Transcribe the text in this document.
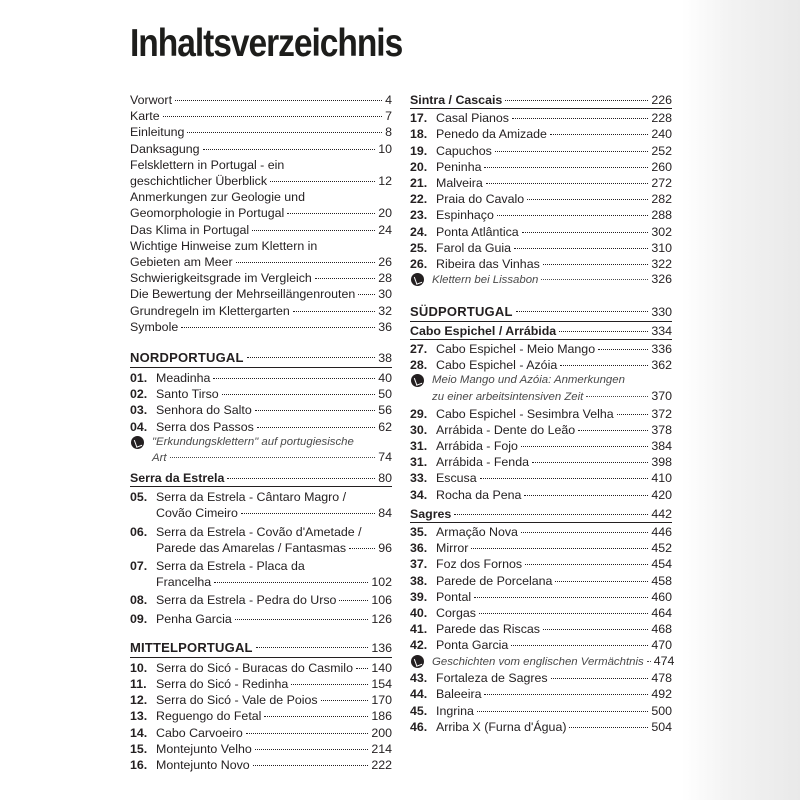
Inhaltsverzeichnis
Vorwort	4
Karte	7
Einleitung	8
Danksagung	10
Felsklettern in Portugal - ein
geschichtlicher Überblick	12
Anmerkungen zur Geologie und
Geomorphologie in Portugal	20
Das Klima in Portugal	24
Wichtige Hinweise zum Klettern in
Gebieten am Meer	26
Schwierigkeitsgrade im Vergleich	28
Die Bewertung der Mehrseillängenrouten 30
Grundregeln im Klettergarten	32
Symbole	36
NORDPORTUGAL	38
01. Meadinha	40
02. Santo Tirso	50
03. Senhora do Salto	56
04. Serra dos Passos	62
"Erkundungsklettern" auf portugiesische
Art	74
Serra da Estrela	80
05. Serra da Estrela - Cântaro Magro /
Covão Cimeiro	84
06. Serra da Estrela - Covão d'Ametade /
Parede das Amarelas / Fantasmas	96
07. Serra da Estrela - Placa da
Francelha	102
08. Serra da Estrela - Pedra do Urso	106
09. Penha Garcia	126
MITTELPORTUGAL	136
10. Serra do Sicó - Buracas do Casmilo 140
11. Serra do Sicó - Redinha	154
12. Serra do Sicó - Vale de Poios	170
13. Reguengo do Fetal	186
14. Cabo Carvoeiro	200
15. Montejunto Velho	214
16. Montejunto Novo	222
Sintra / Cascais	226
17. Casal Pianos	228
18. Penedo da Amizade	240
19. Capuchos	252
20. Peninha	260
21. Malveira	272
22. Praia do Cavalo	282
23. Espinhaço	288
24. Ponta Atlântica	302
25. Farol da Guia	310
26. Ribeira das Vinhas	322
Klettern bei Lissabon	326
SÜDPORTUGAL	330
Cabo Espichel / Arrábida	334
27. Cabo Espichel - Meio Mango	336
28. Cabo Espichel - Azóia	362
Meio Mango und Azóia: Anmerkungen
zu einer arbeitsintensiven Zeit	370
29. Cabo Espichel - Sesimbra Velha	372
30. Arrábida - Dente do Leão	378
31. Arrábida - Fojo	384
31. Arrábida - Fenda	398
33. Escusa	410
34. Rocha da Pena	420
Sagres	442
35. Armação Nova	446
36. Mirror	452
37. Foz dos Fornos	454
38. Parede de Porcelana	458
39. Pontal	460
40. Corgas	464
41. Parede das Riscas	468
42. Ponta Garcia	470
Geschichten vom englischen Vermächtnis 474
43. Fortaleza de Sagres	478
44. Baleeira	492
45. Ingrina	500
46. Arriba X (Furna d'Água)	504
